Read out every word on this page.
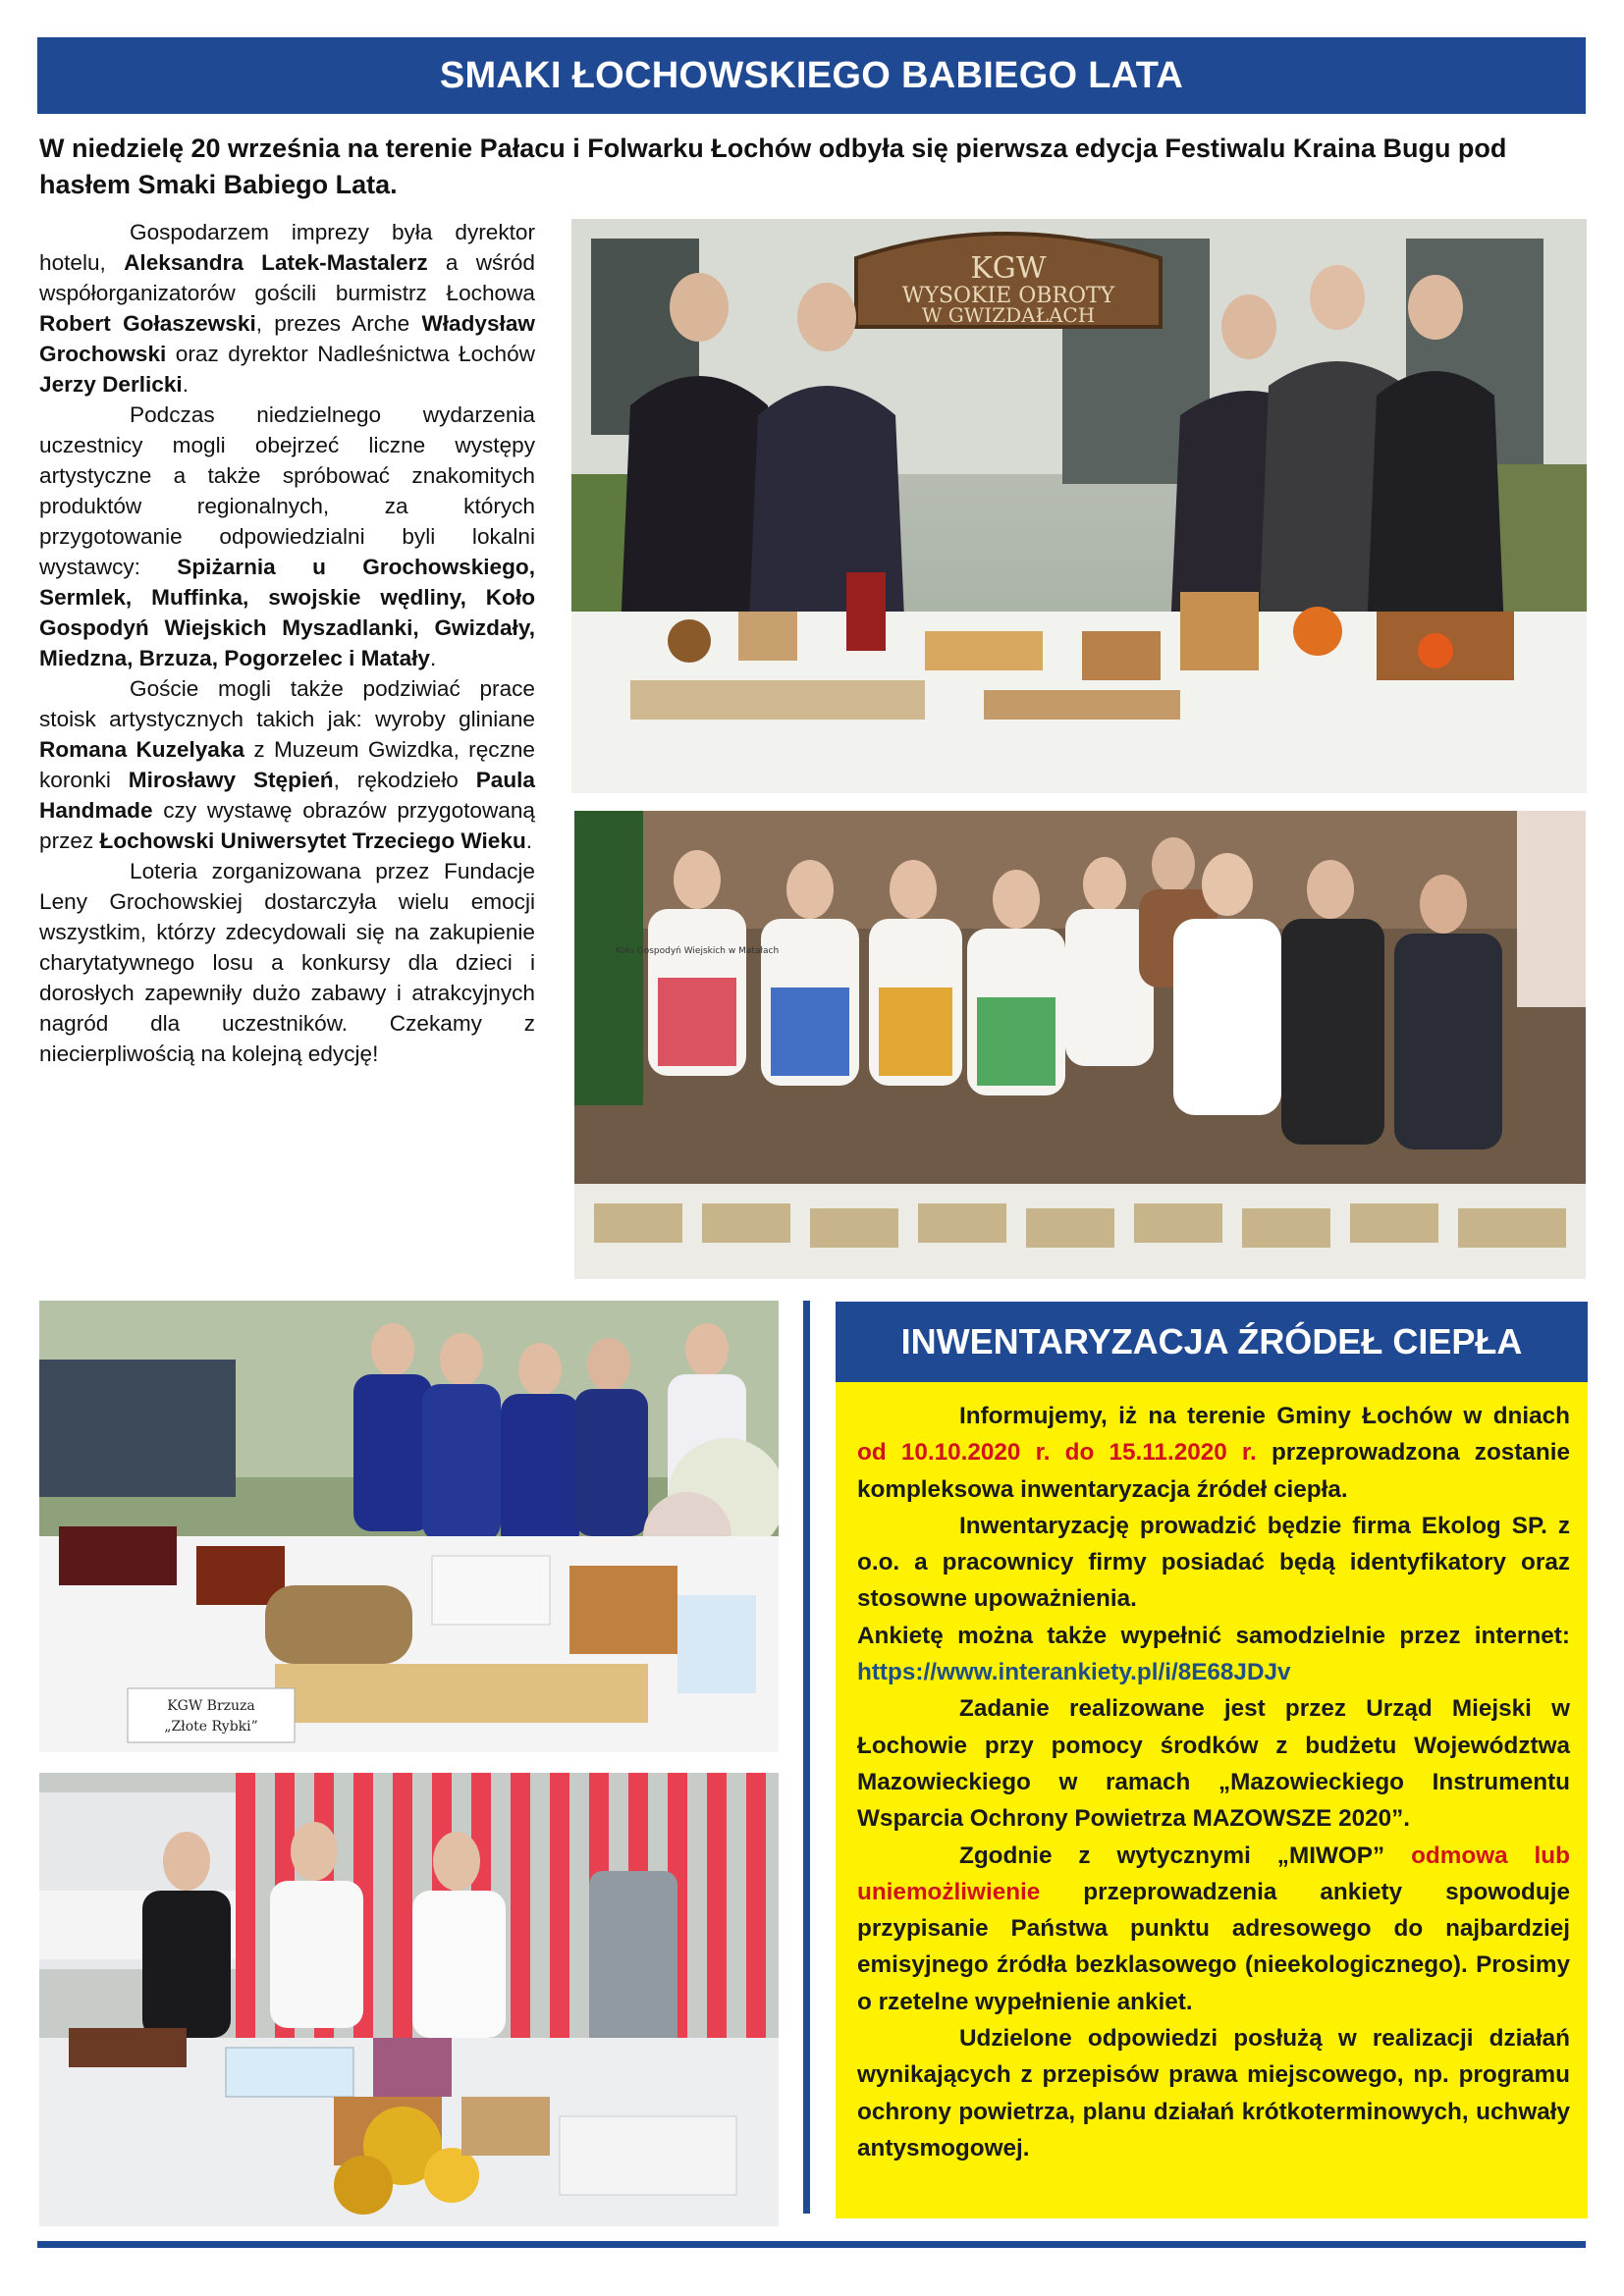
SMAKI ŁOCHOWSKIEGO BABIEGO LATA
W niedzielę 20 września na terenie Pałacu i Folwarku Łochów odbyła się pierwsza edycja Festiwalu Kraina Bugu pod hasłem Smaki Babiego Lata.

Gospodarzem imprezy była dyrektor hotelu, Aleksandra Latek-Mastalerz a wśród współorganizatorów gościli burmistrz Łochowa Robert Gołaszewski, prezes Arche Władysław Grochowski oraz dyrektor Nadleśnictwa Łochów Jerzy Derlicki.

Podczas niedzielnego wydarzenia uczestnicy mogli obejrzeć liczne występy artystyczne a także spróbować znakomitych produktów regionalnych, za których przygotowanie odpowiedzialni byli lokalni wystawcy: Spiżarnia u Grochowskiego, Sermlek, Muffinka, swojskie wędliny, Koło Gospodyń Wiejskich Myszadlanki, Gwizdały, Miedzna, Brzuza, Pogorzelec i Matały.

Goście mogli także podziwiać prace stoisk artystycznych takich jak: wyroby gliniane Romana Kuzelyaka z Muzeum Gwizdka, ręczne koronki Mirosławy Stępień, rękodzieło Paula Handmade czy wystawę obrazów przygotowaną przez Łochowski Uniwersytet Trzeciego Wieku.

Loteria zorganizowana przez Fundacje Leny Grochowskiej dostarczyła wielu emocji wszystkim, którzy zdecydowali się na zakupienie charytatywnego losu a konkursy dla dzieci i dorosłych zapewniły dużo zabawy i atrakcyjnych nagród dla uczestników. Czekamy z niecierpliwością na kolejną edycję!

KGW
WYSOKIE OBROTY
W GWIZDAŁACH
Koło Gospodyń Wiejskich w Matałach
KGW Brzuza
„Złote Rybki”
INWENTARYZACJA ŹRÓDEŁ CIEPŁA

Informujemy, iż na terenie Gminy Łochów w dniach od 10.10.2020 r. do 15.11.2020 r. przeprowadzona zostanie kompleksowa inwentaryzacja źródeł ciepła.

Inwentaryzację prowadzić będzie firma Ekolog SP. z o.o. a pracownicy firmy posiadać będą identyfikatory oraz stosowne upoważnienia.

Ankietę można także wypełnić samodzielnie przez internet: https://www.interankiety.pl/i/8E68JDJv

Zadanie realizowane jest przez Urząd Miejski w Łochowie przy pomocy środków z budżetu Województwa Mazowieckiego w ramach „Mazowieckiego Instrumentu Wsparcia Ochrony Powietrza MAZOWSZE 2020”.

Zgodnie z wytycznymi „MIWOP” odmowa lub uniemożliwienie przeprowadzenia ankiety spowoduje przypisanie Państwa punktu adresowego do najbardziej emisyjnego źródła bezklasowego (nieekologicznego). Prosimy o rzetelne wypełnienie ankiet.

Udzielone odpowiedzi posłużą w realizacji działań wynikających z przepisów prawa miejscowego, np. programu ochrony powietrza, planu działań krótkoterminowych, uchwały antysmogowej.
